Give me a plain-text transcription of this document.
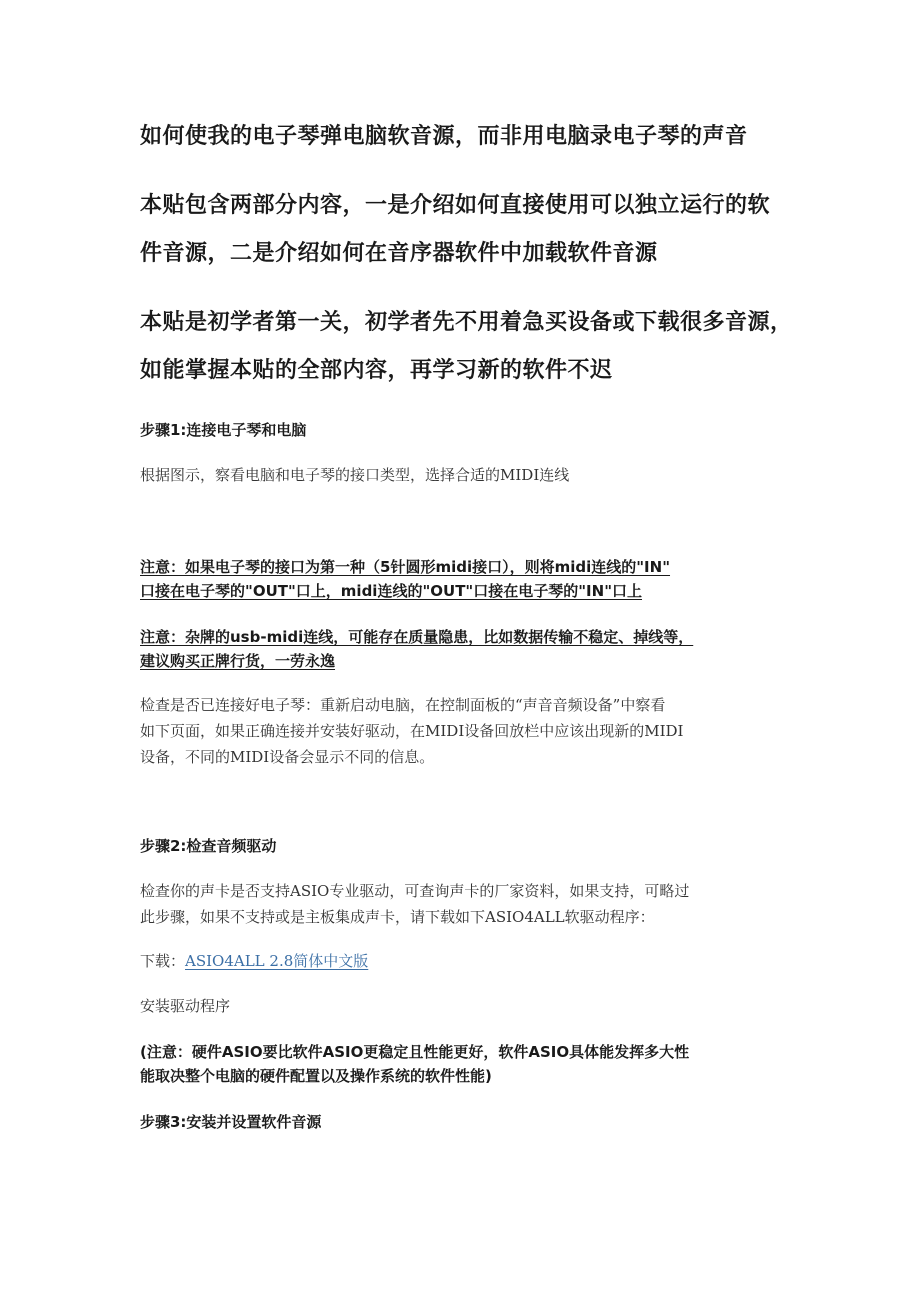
如何使我的电子琴弹电脑软音源，而非用电脑录电子琴的声音

本贴包含两部分内容，一是介绍如何直接使用可以独立运行的软

件音源，二是介绍如何在音序器软件中加载软件音源

本贴是初学者第一关，初学者先不用着急买设备或下载很多音源，

如能掌握本贴的全部内容，再学习新的软件不迟

步骤1:连接电子琴和电脑

根据图示，察看电脑和电子琴的接口类型，选择合适的MIDI连线

注意：如果电子琴的接口为第一种（5针圆形midi接口），则将midi连线的"IN"

口接在电子琴的"OUT"口上，midi连线的"OUT"口接在电子琴的"IN"口上

注意：杂牌的usb-midi连线，可能存在质量隐患，比如数据传输不稳定、掉线等，

建议购买正牌行货，一劳永逸

检查是否已连接好电子琴：重新启动电脑，在控制面板的“声音音频设备”中察看

如下页面，如果正确连接并安装好驱动，在MIDI设备回放栏中应该出现新的MIDI

设备，不同的MIDI设备会显示不同的信息。

步骤2:检查音频驱动

检查你的声卡是否支持ASIO专业驱动，可查询声卡的厂家资料，如果支持，可略过

此步骤，如果不支持或是主板集成声卡，请下载如下ASIO4ALL软驱动程序：

下载：ASIO4ALL 2.8简体中文版

安装驱动程序

(注意：硬件ASIO要比软件ASIO更稳定且性能更好，软件ASIO具体能发挥多大性

能取决整个电脑的硬件配置以及操作系统的软件性能)

步骤3:安装并设置软件音源
